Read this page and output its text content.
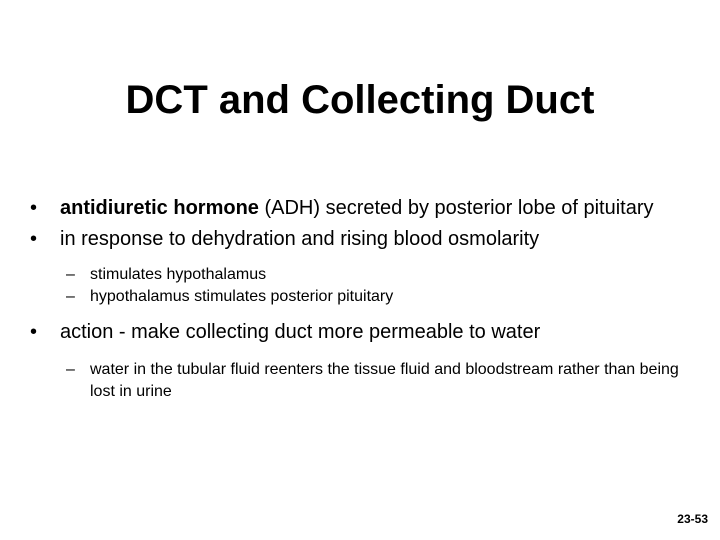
DCT and Collecting Duct
•	antidiuretic hormone (ADH) secreted by posterior lobe of pituitary
•	in response to dehydration and rising blood osmolarity
– stimulates hypothalamus
– hypothalamus stimulates posterior pituitary
•	action - make collecting duct more permeable to water
– water in the tubular fluid reenters the tissue fluid and bloodstream rather than being lost in urine
23-53
